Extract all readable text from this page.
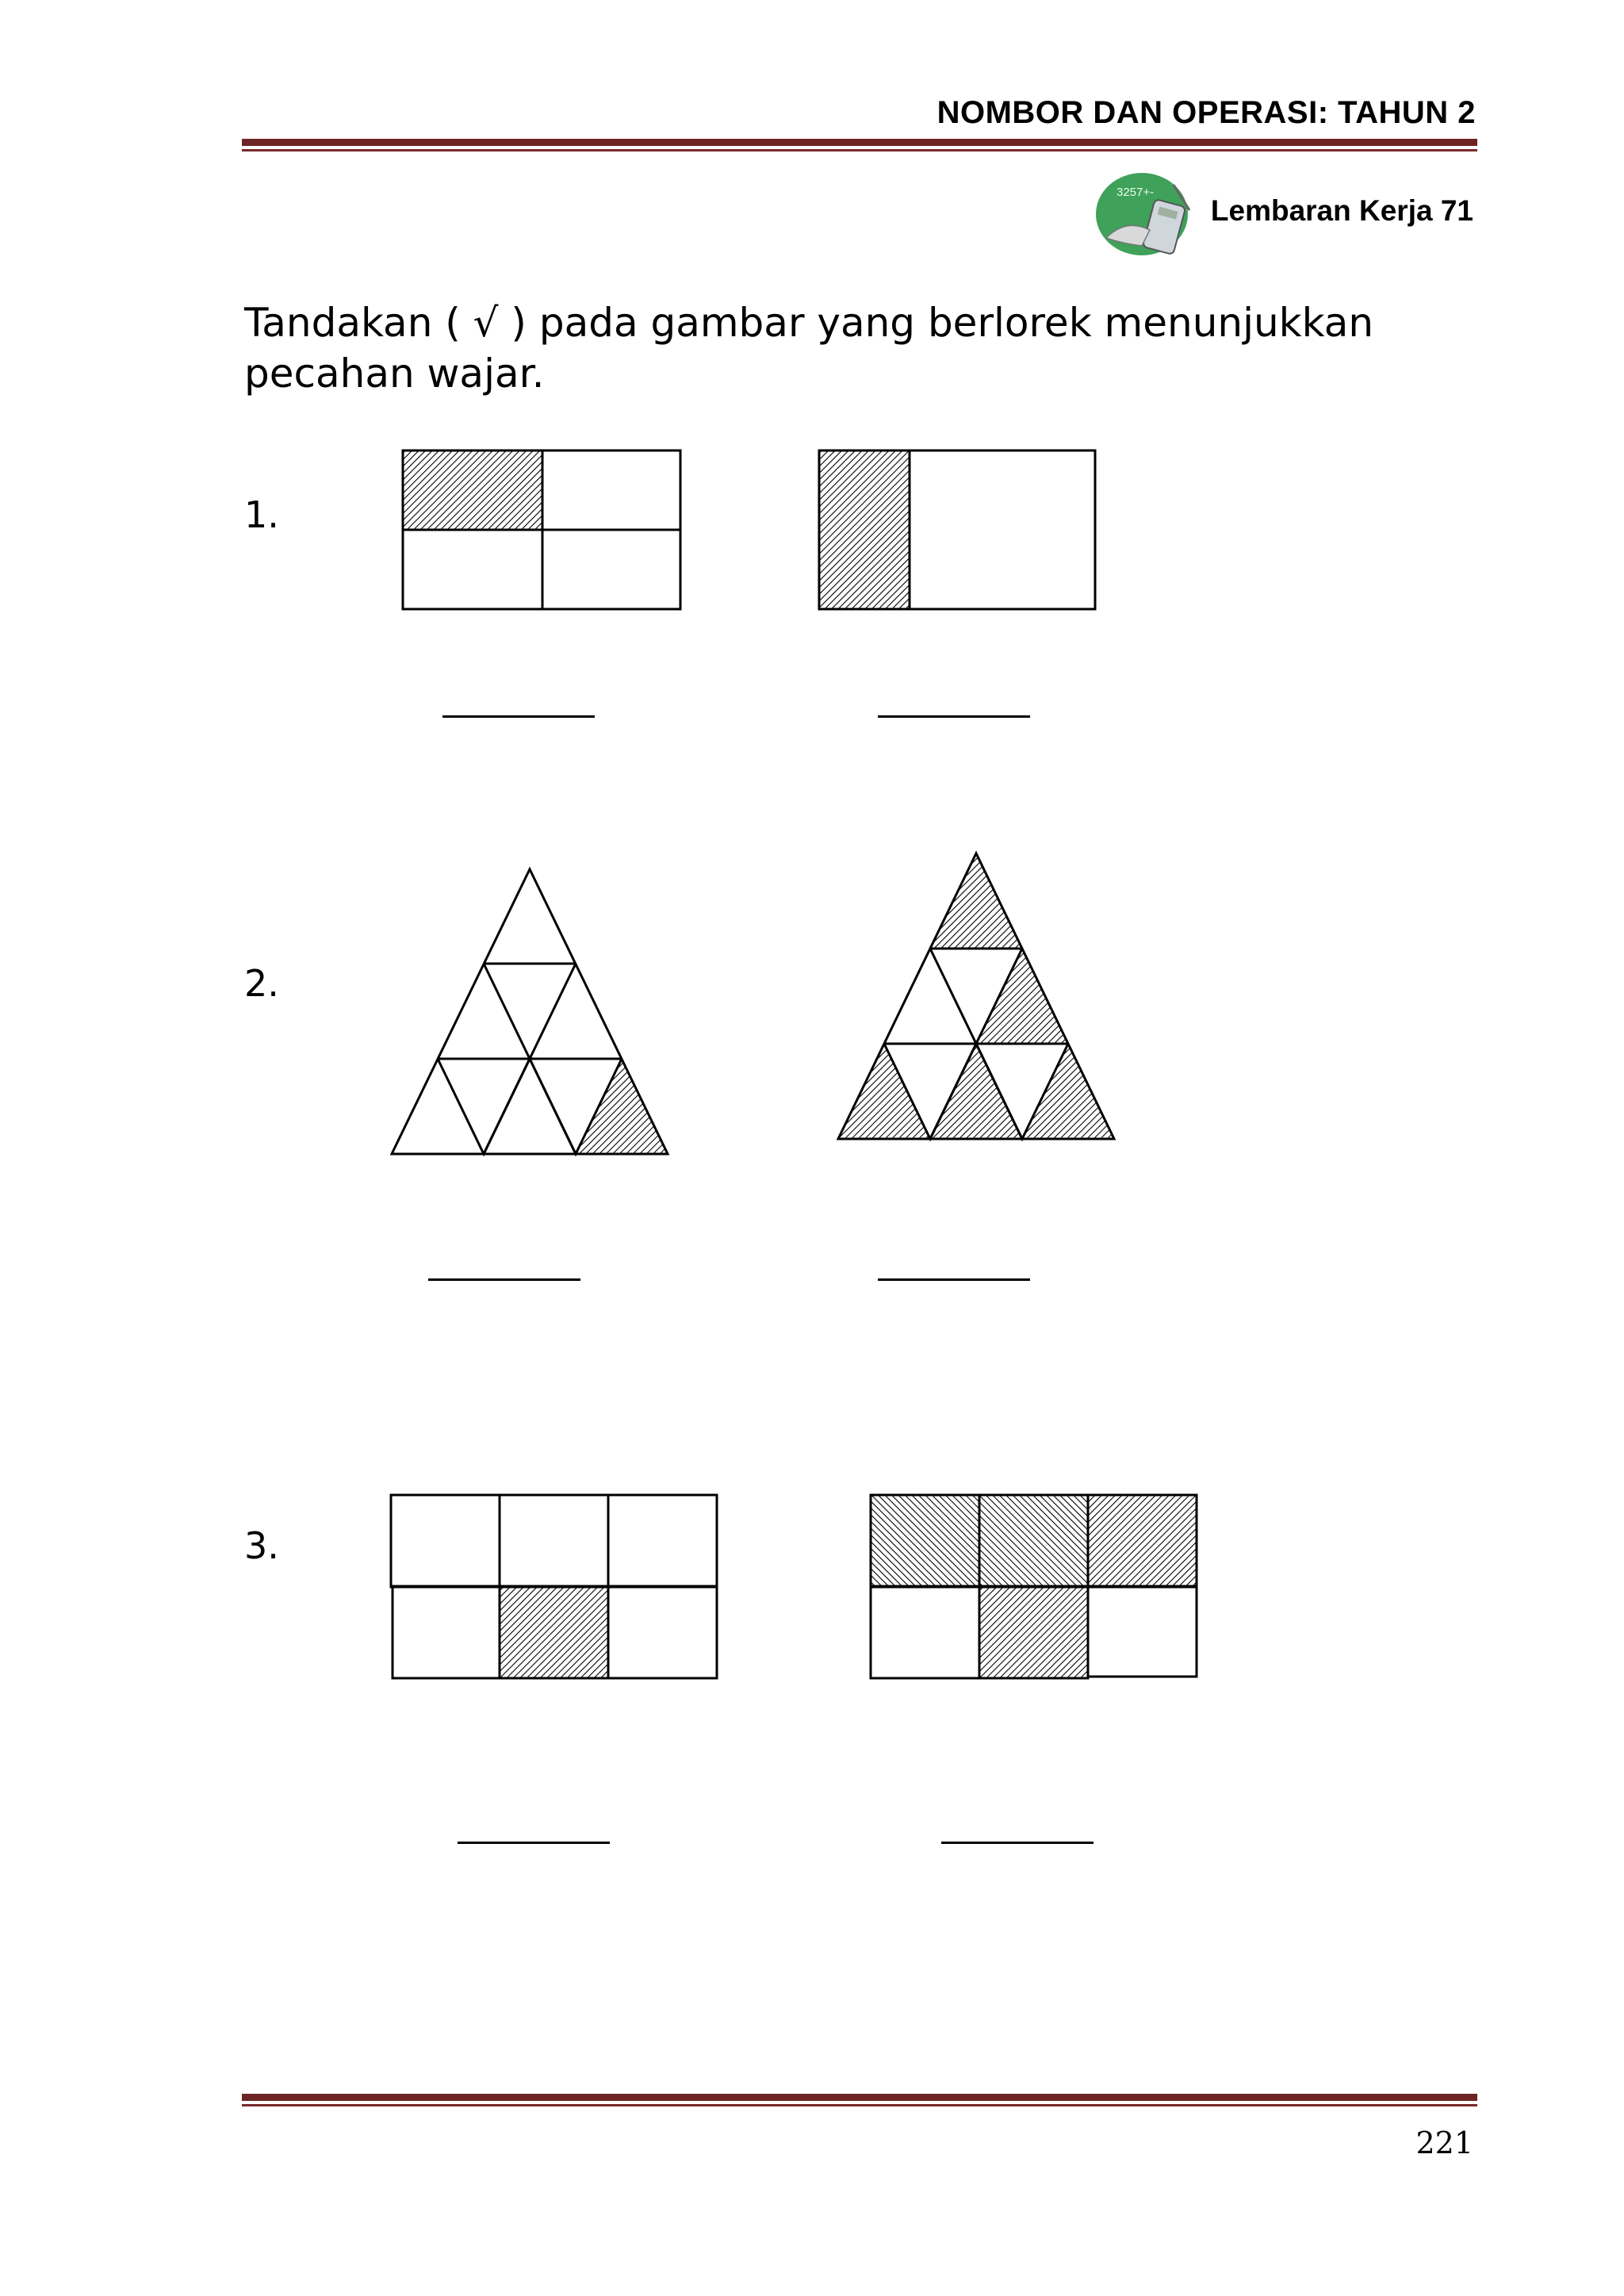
NOMBOR DAN OPERASI: TAHUN 2
3257+-
Lembaran Kerja 71
Tandakan ( √ ) pada gambar yang berlorek menunjukkan pecahan wajar.
1.
2.
3.
221
